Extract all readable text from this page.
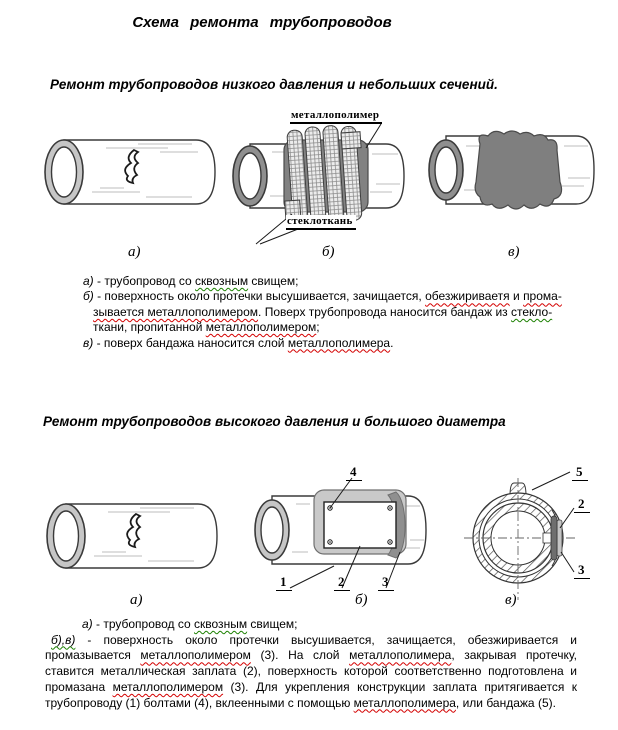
Схема ремонта трубопроводов
Ремонт трубопроводов низкого давления и небольших сечений.
металлополимер
стеклоткань
а)	б)	в)
а) - трубопровод со сквозным свищем;
б) - поверхность около протечки высушивается, зачищается, обезжириваетя и прома-
зывается металлополимером. Поверх трубопровода наносится бандаж из стекло-
ткани, пропитанной металлополимером;
в) - поверх бандажа наносится слой металлополимера.
Ремонт трубопроводов высокого давления и большого диаметра
4
1	2	3
5
2
3
а)	б)	в)
а) - трубопровод со сквозным свищем;
б),в) - поверхность около протечки высушивается, зачищается, обезжиривается и
промазывается металлополимером (3). На слой металлополимера, закрывая протечку,
ставится металлическая заплата (2), поверхность которой соответственно подготовлена и
промазана металлополимером (3). Для укрепления конструкции заплата притягивается к
трубопроводу (1) болтами (4), вклеенными с помощью металлополимера, или бандажа (5).
